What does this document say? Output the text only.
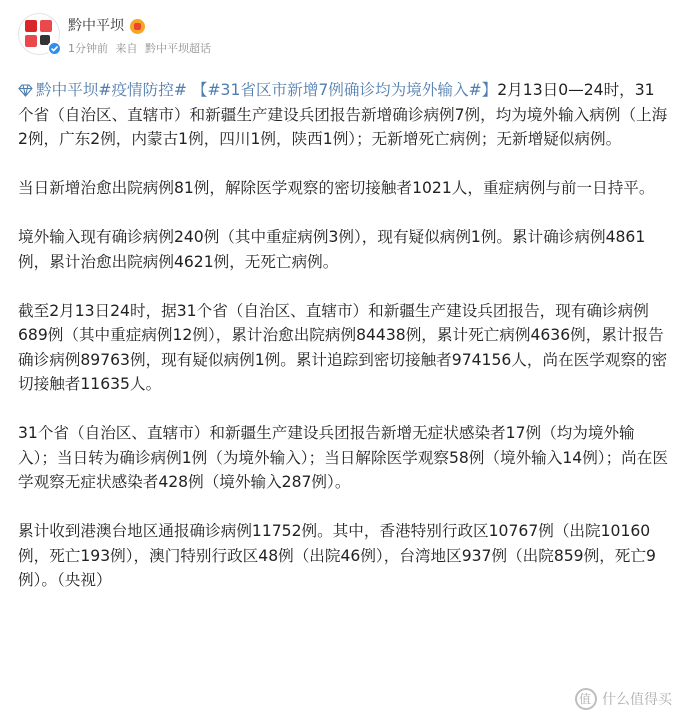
黔中平坝
1分钟前 来自 黔中平坝超话

黔中平坝#疫情防控# 【#31省区市新增7例确诊均为境外输入#】2月13日0—24时，31个省（自治区、直辖市）和新疆生产建设兵团报告新增确诊病例7例，均为境外输入病例（上海2例，广东2例，内蒙古1例，四川1例，陕西1例）；无新增死亡病例；无新增疑似病例。

当日新增治愈出院病例81例，解除医学观察的密切接触者1021人，重症病例与前一日持平。

境外输入现有确诊病例240例（其中重症病例3例），现有疑似病例1例。累计确诊病例4861例，累计治愈出院病例4621例，无死亡病例。

截至2月13日24时，据31个省（自治区、直辖市）和新疆生产建设兵团报告，现有确诊病例689例（其中重症病例12例），累计治愈出院病例84438例，累计死亡病例4636例，累计报告确诊病例89763例，现有疑似病例1例。累计追踪到密切接触者974156人，尚在医学观察的密切接触者11635人。

31个省（自治区、直辖市）和新疆生产建设兵团报告新增无症状感染者17例（均为境外输入）；当日转为确诊病例1例（为境外输入）；当日解除医学观察58例（境外输入14例）；尚在医学观察无症状感染者428例（境外输入287例）。

累计收到港澳台地区通报确诊病例11752例。其中，香港特别行政区10767例（出院10160例，死亡193例），澳门特别行政区48例（出院46例），台湾地区937例（出院859例，死亡9例）。（央视）

值
什么值得买
